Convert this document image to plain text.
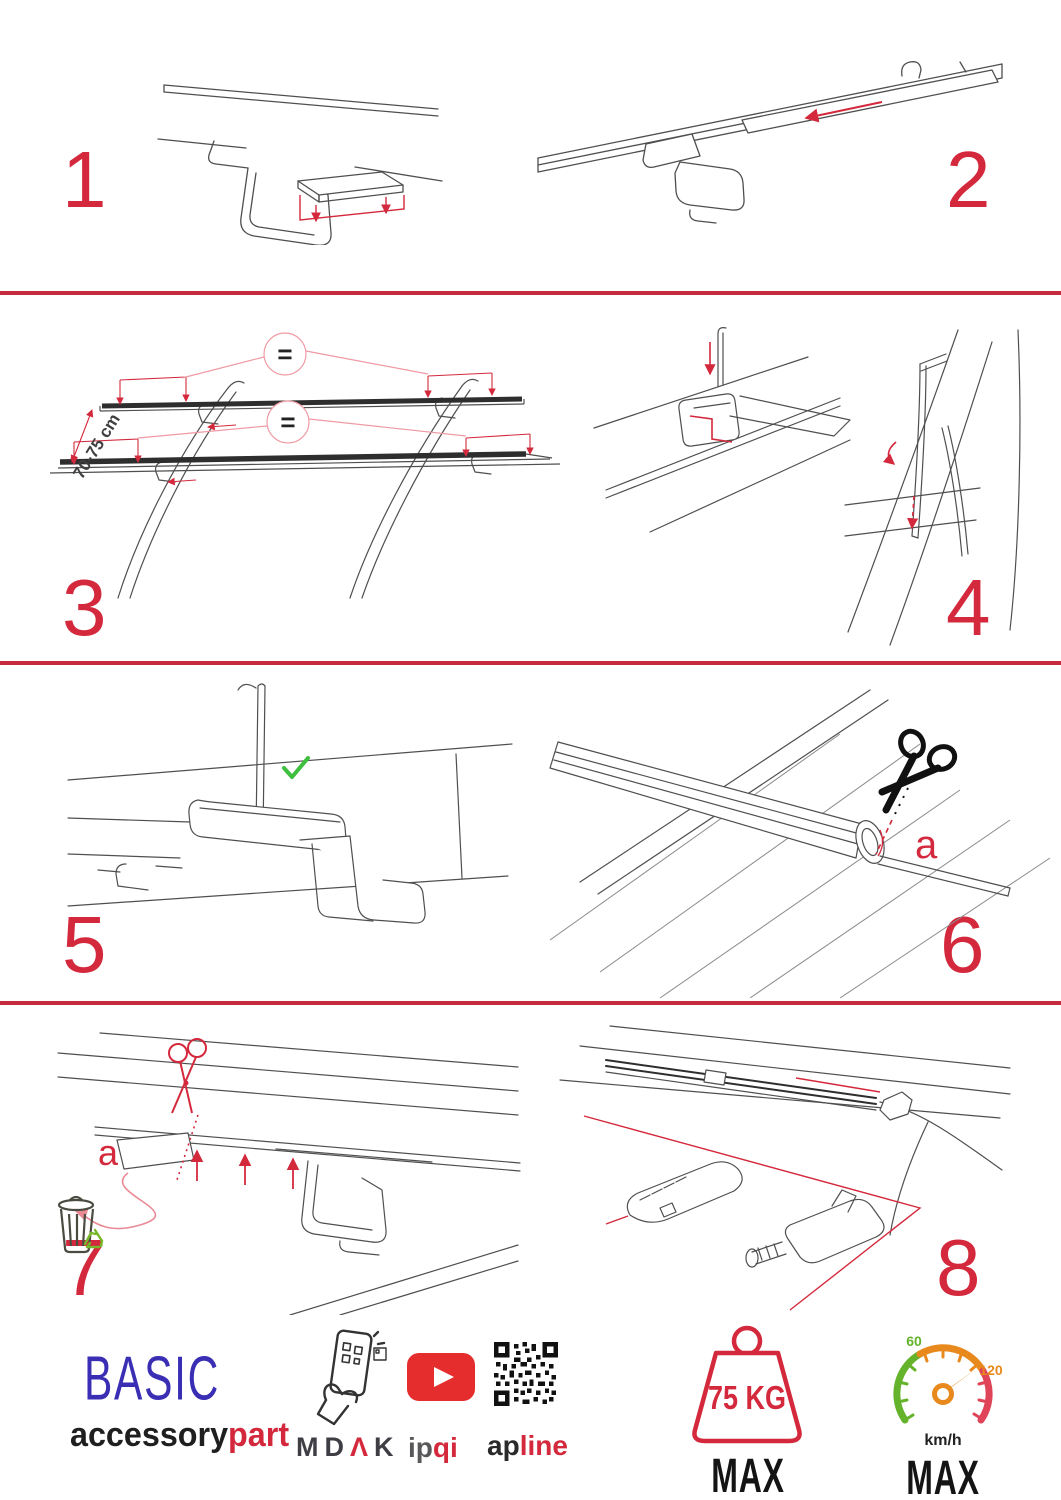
1	2
3	4
5	6
7	8
=
=
70-75 cm
a
a
BASIC
accessorypart MDΛK ipqi apline
75 KG
MAX
60
120
km/h
MAX
